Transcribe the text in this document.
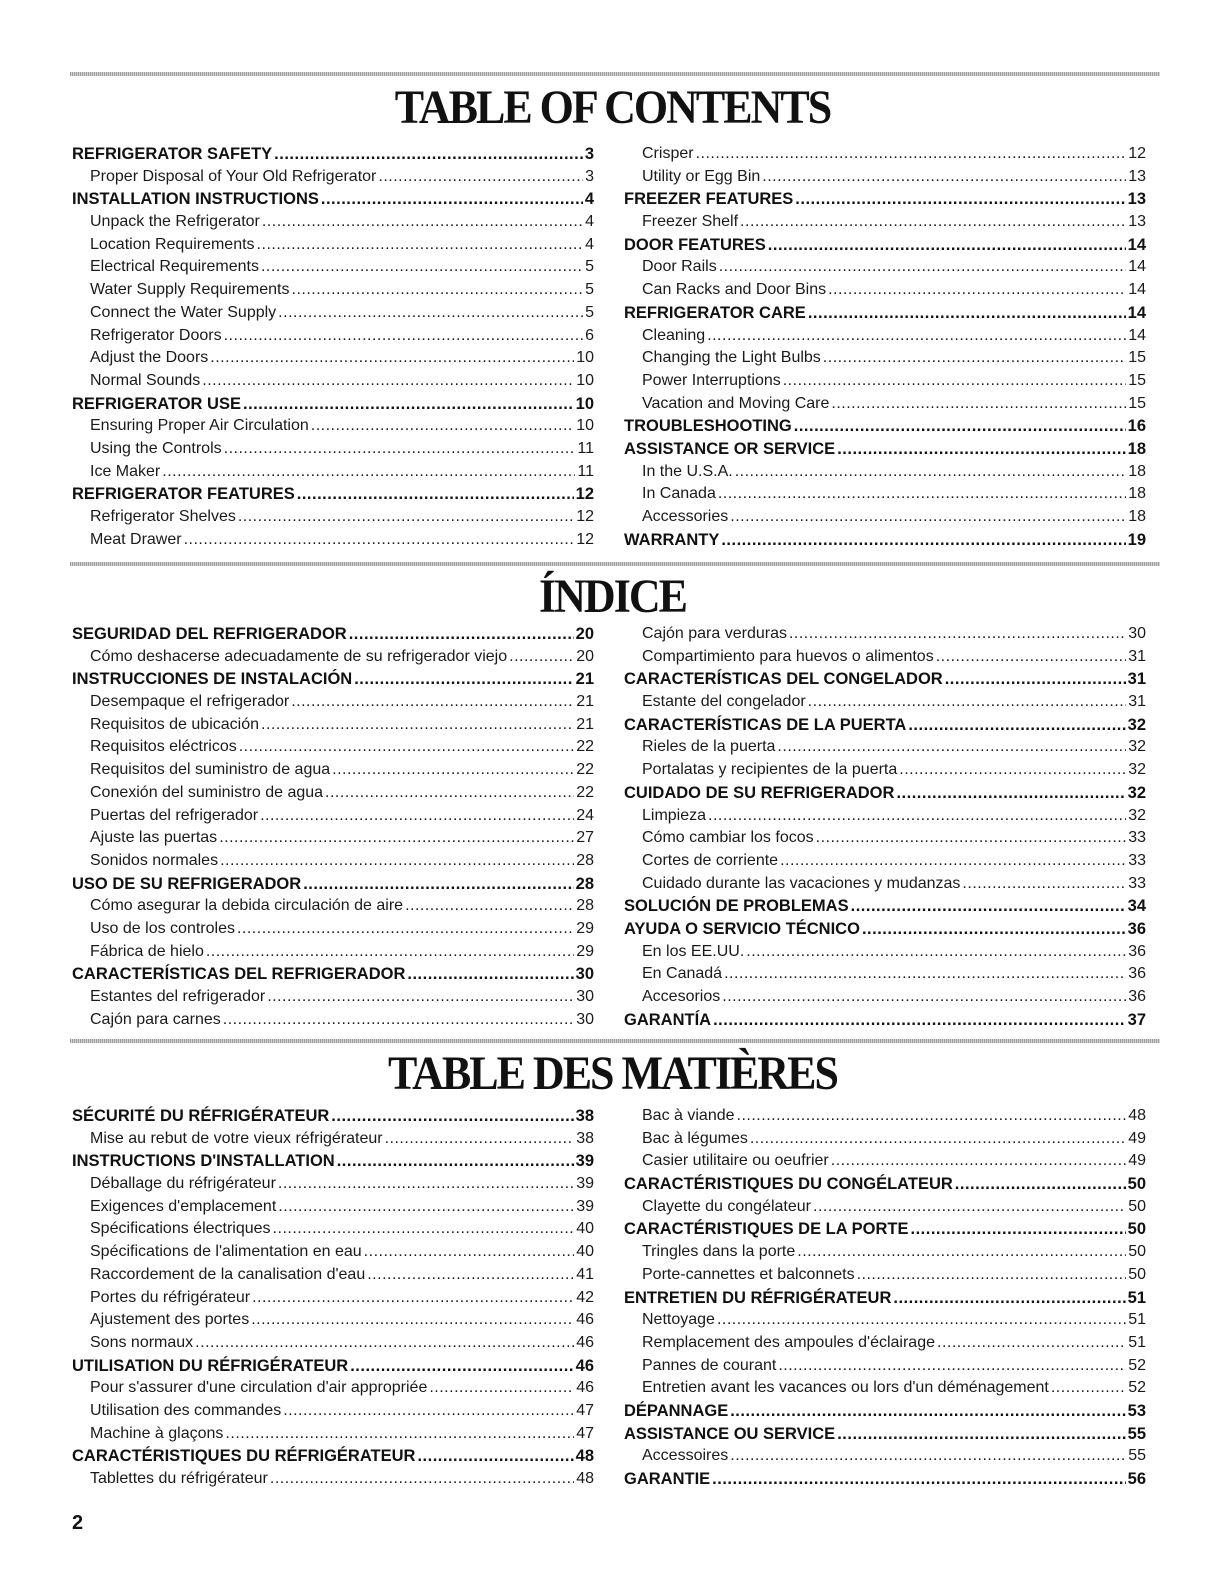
TABLE OF CONTENTS
REFRIGERATOR SAFETY .....	3
Proper Disposal of Your Old Refrigerator .....	3
INSTALLATION INSTRUCTIONS .....	4
Unpack the Refrigerator .....	4
Location Requirements .....	4
Electrical Requirements .....	5
Water Supply Requirements .....	5
Connect the Water Supply .....	5
Refrigerator Doors .....	6
Adjust the Doors .....	10
Normal Sounds .....	10
REFRIGERATOR USE .....	10
Ensuring Proper Air Circulation .....	10
Using the Controls .....	11
Ice Maker .....	11
REFRIGERATOR FEATURES .....	12
Refrigerator Shelves .....	12
Meat Drawer .....	12
Crisper .....	12
Utility or Egg Bin .....	13
FREEZER FEATURES .....	13
Freezer Shelf .....	13
DOOR FEATURES .....	14
Door Rails .....	14
Can Racks and Door Bins .....	14
REFRIGERATOR CARE .....	14
Cleaning .....	14
Changing the Light Bulbs .....	15
Power Interruptions .....	15
Vacation and Moving Care .....	15
TROUBLESHOOTING .....	16
ASSISTANCE OR SERVICE .....	18
In the U.S.A. .....	18
In Canada .....	18
Accessories .....	18
WARRANTY .....	19
ÍNDICE
SEGURIDAD DEL REFRIGERADOR .....	20
Cómo deshacerse adecuadamente de su refrigerador viejo .....	20
INSTRUCCIONES DE INSTALACIÓN .....	21
Desempaque el refrigerador .....	21
Requisitos de ubicación .....	21
Requisitos eléctricos .....	22
Requisitos del suministro de agua .....	22
Conexión del suministro de agua .....	22
Puertas del refrigerador .....	24
Ajuste las puertas .....	27
Sonidos normales .....	28
USO DE SU REFRIGERADOR .....	28
Cómo asegurar la debida circulación de aire .....	28
Uso de los controles .....	29
Fábrica de hielo .....	29
CARACTERÍSTICAS DEL REFRIGERADOR .....	30
Estantes del refrigerador .....	30
Cajón para carnes .....	30
Cajón para verduras .....	30
Compartimiento para huevos o alimentos .....	31
CARACTERÍSTICAS DEL CONGELADOR .....	31
Estante del congelador .....	31
CARACTERÍSTICAS DE LA PUERTA .....	32
Rieles de la puerta .....	32
Portalatas y recipientes de la puerta .....	32
CUIDADO DE SU REFRIGERADOR .....	32
Limpieza .....	32
Cómo cambiar los focos .....	33
Cortes de corriente .....	33
Cuidado durante las vacaciones y mudanzas .....	33
SOLUCIÓN DE PROBLEMAS .....	34
AYUDA O SERVICIO TÉCNICO .....	36
En los EE.UU. .....	36
En Canadá .....	36
Accesorios .....	36
GARANTÍA .....	37
TABLE DES MATIÈRES
SÉCURITÉ DU RÉFRIGÉRATEUR .....	38
Mise au rebut de votre vieux réfrigérateur .....	38
INSTRUCTIONS D'INSTALLATION .....	39
Déballage du réfrigérateur .....	39
Exigences d'emplacement .....	39
Spécifications électriques .....	40
Spécifications de l'alimentation en eau .....	40
Raccordement de la canalisation d'eau .....	41
Portes du réfrigérateur .....	42
Ajustement des portes .....	46
Sons normaux .....	46
UTILISATION DU RÉFRIGÉRATEUR .....	46
Pour s'assurer d'une circulation d'air appropriée .....	46
Utilisation des commandes .....	47
Machine à glaçons .....	47
CARACTÉRISTIQUES DU RÉFRIGÉRATEUR .....	48
Tablettes du réfrigérateur .....	48
Bac à viande .....	48
Bac à légumes .....	49
Casier utilitaire ou oeufrier .....	49
CARACTÉRISTIQUES DU CONGÉLATEUR .....	50
Clayette du congélateur .....	50
CARACTÉRISTIQUES DE LA PORTE .....	50
Tringles dans la porte .....	50
Porte-cannettes et balconnets .....	50
ENTRETIEN DU RÉFRIGÉRATEUR .....	51
Nettoyage .....	51
Remplacement des ampoules d'éclairage .....	51
Pannes de courant .....	52
Entretien avant les vacances ou lors d'un déménagement .....	52
DÉPANNAGE .....	53
ASSISTANCE OU SERVICE .....	55
Accessoires .....	55
GARANTIE .....	56
2
